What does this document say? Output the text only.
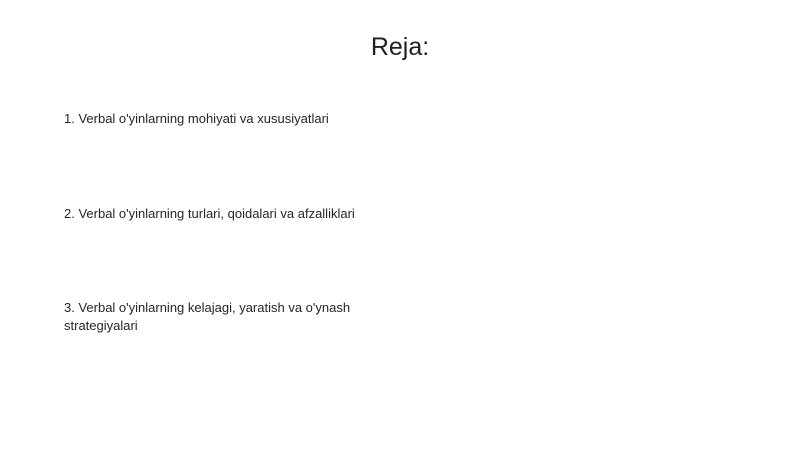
Reja:

1. Verbal o'yinlarning mohiyati va xususiyatlari

2. Verbal o'yinlarning turlari, qoidalari va afzalliklari

3. Verbal o'yinlarning kelajagi, yaratish va o'ynash strategiyalari
